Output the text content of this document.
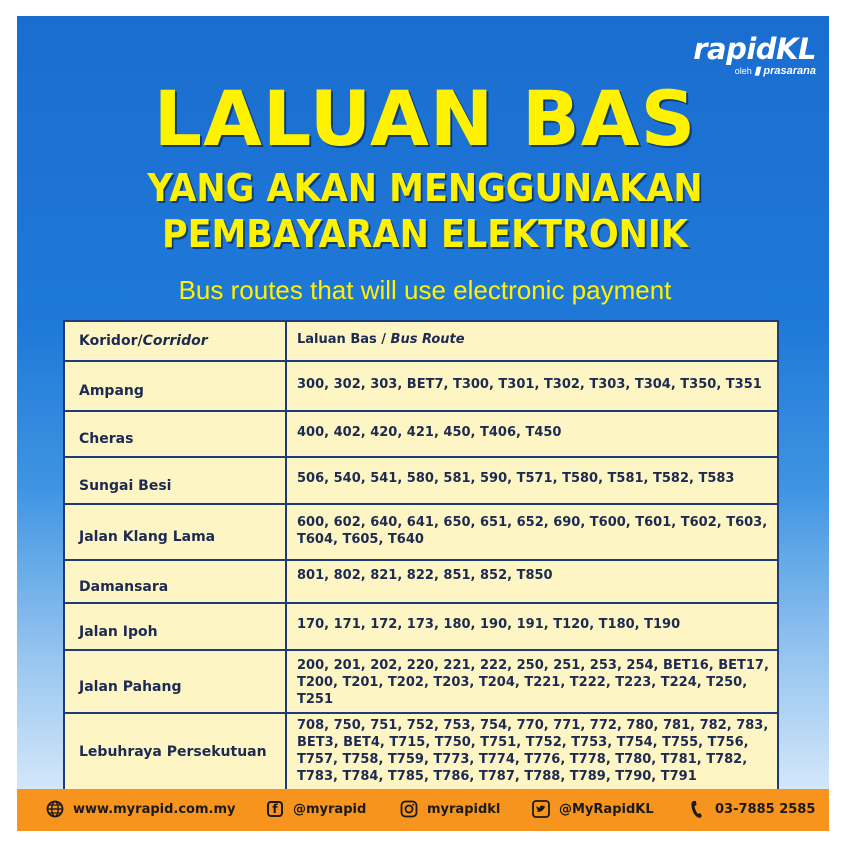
rapidKL
oleh ▮ prasarana
LALUAN BAS
YANG AKAN MENGGUNAKAN
PEMBAYARAN ELEKTRONIK
Bus routes that will use electronic payment
Koridor/Corridor	Laluan Bas / Bus Route
Ampang	300, 302, 303, BET7, T300, T301, T302, T303, T304, T350, T351
Cheras	400, 402, 420, 421, 450, T406, T450
Sungai Besi	506, 540, 541, 580, 581, 590, T571, T580, T581, T582, T583
Jalan Klang Lama	600, 602, 640, 641, 650, 651, 652, 690, T600, T601, T602, T603, T604, T605, T640
Damansara	801, 802, 821, 822, 851, 852, T850
Jalan Ipoh	170, 171, 172, 173, 180, 190, 191, T120, T180, T190
Jalan Pahang	200, 201, 202, 220, 221, 222, 250, 251, 253, 254, BET16, BET17, T200, T201, T202, T203, T204, T221, T222, T223, T224, T250, T251
Lebuhraya Persekutuan	708, 750, 751, 752, 753, 754, 770, 771, 772, 780, 781, 782, 783, BET3, BET4, T715, T750, T751, T752, T753, T754, T755, T756, T757, T758, T759, T773, T774, T776, T778, T780, T781, T782, T783, T784, T785, T786, T787, T788, T789, T790, T791
www.myrapid.com.my	f	@myrapid	myrapidkl	@MyRapidKL	03-7885 2585
